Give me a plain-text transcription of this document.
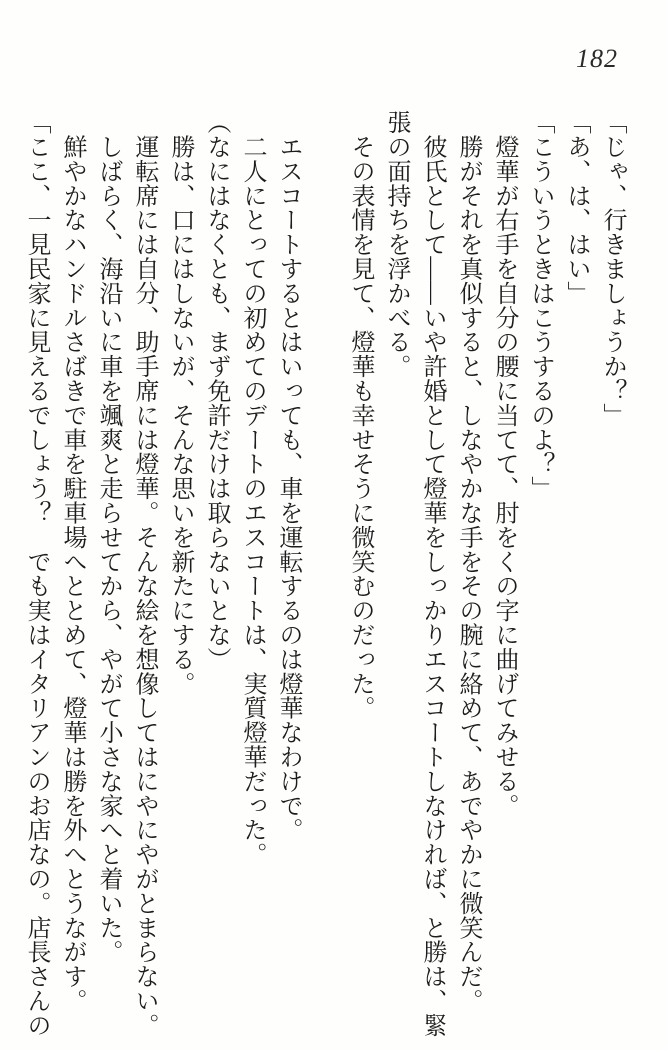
182

「じゃ、行きましょうか？」

「あ、は、はい」

「こういうときはこうするのよ？」

　燈華が右手を自分の腰に当てて、肘をくの字に曲げてみせる。

　勝がそれを真似すると、しなやかな手をその腕に絡めて、あでやかに微笑んだ。

　彼氏として――いや許婚として燈華をしっかりエスコートしなければ、と勝は、緊

張の面持ちを浮かべる。

　その表情を見て、燈華も幸せそうに微笑むのだった。

　エスコートするとはいっても、車を運転するのは燈華なわけで。

　二人にとっての初めてのデートのエスコートは、実質燈華だった。

（なにはなくとも、まず免許だけは取らないとな）

　勝は、口にはしないが、そんな思いを新たにする。

　運転席には自分、助手席には燈華。そんな絵を想像してはにやにやがとまらない。

　しばらく、海沿いに車を颯爽と走らせてから、やがて小さな家へと着いた。

　鮮やかなハンドルさばきで車を駐車場へととめて、燈華は勝を外へとうながす。

「ここ、一見民家に見えるでしょう？　でも実はイタリアンのお店なの。店長さんの
